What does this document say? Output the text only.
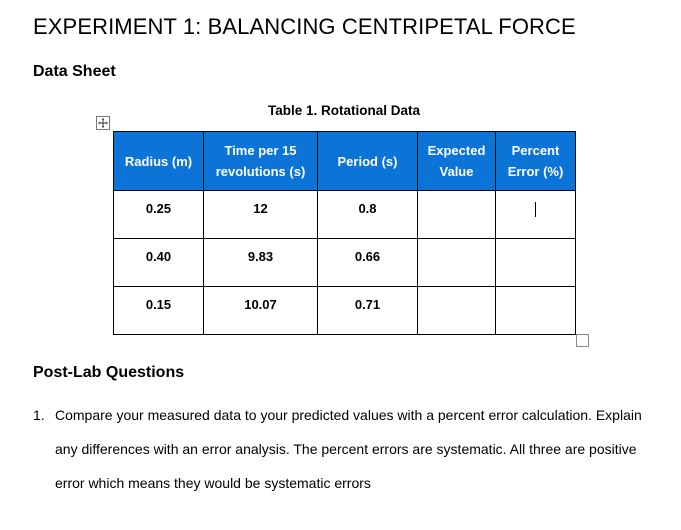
EXPERIMENT 1: BALANCING CENTRIPETAL FORCE
Data Sheet
Table 1. Rotational Data
Radius (m)	Time per 15 revolutions (s)	Period (s)	Expected Value	Percent Error (%)
0.25	12	0.8		
0.40	9.83	0.66		
0.15	10.07	0.71		
Post-Lab Questions
1. Compare your measured data to your predicted values with a percent error calculation. Explain any differences with an error analysis. The percent errors are systematic. All three are positive error which means they would be systematic errors
